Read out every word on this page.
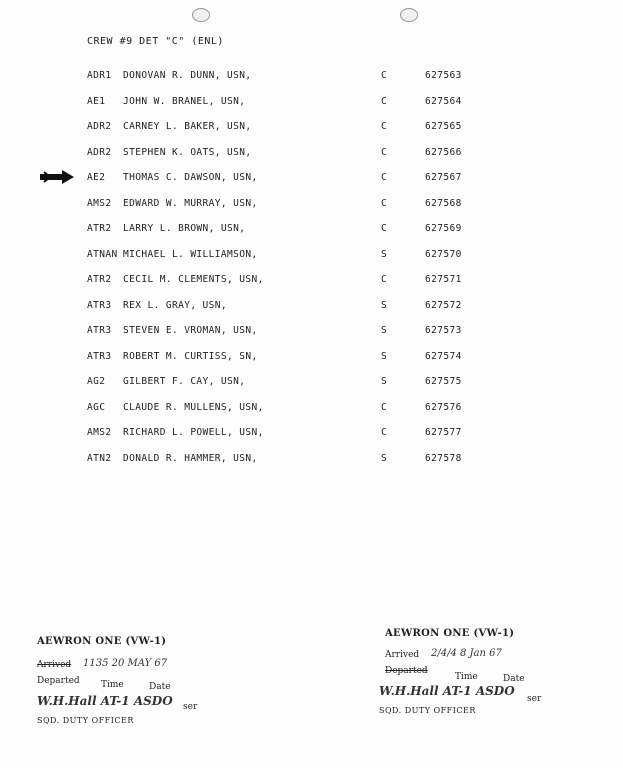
CREW #9 DET "C" (ENL)
ADR1 DONOVAN R. DUNN, USN,	C	627563
AE1 JOHN W. BRANEL, USN,	C	627564
ADR2 CARNEY L. BAKER, USN,	C	627565
ADR2 STEPHEN K. OATS, USN,	C	627566
AE2 THOMAS C. DAWSON, USN,	C	627567
AMS2 EDWARD W. MURRAY, USN,	C	627568
ATR2 LARRY L. BROWN, USN,	C	627569
ATNAN MICHAEL L. WILLIAMSON,	S	627570
ATR2 CECIL M. CLEMENTS, USN,	C	627571
ATR3 REX L. GRAY, USN,	S	627572
ATR3 STEVEN E. VROMAN, USN,	S	627573
ATR3 ROBERT M. CURTISS, SN,	S	627574
AG2 GILBERT F. CAY, USN,	S	627575
AGC CLAUDE R. MULLENS, USN,	C	627576
AMS2 RICHARD L. POWELL, USN,	C	627577
ATN2 DONALD R. HAMMER, USN,	S	627578
AEWRON ONE (VW-1)
Arrived 1135 20 MAY 67
Departed Time	Date
W.H.Hall AT-1 ASDO ser
SQD. DUTY OFFICER
AEWRON ONE (VW-1)
Arrived 2/4/4 8 Jan 67
Departed
Time	Date
W.H.Hall AT-1 ASDO
ser
SQD. DUTY OFFICER
